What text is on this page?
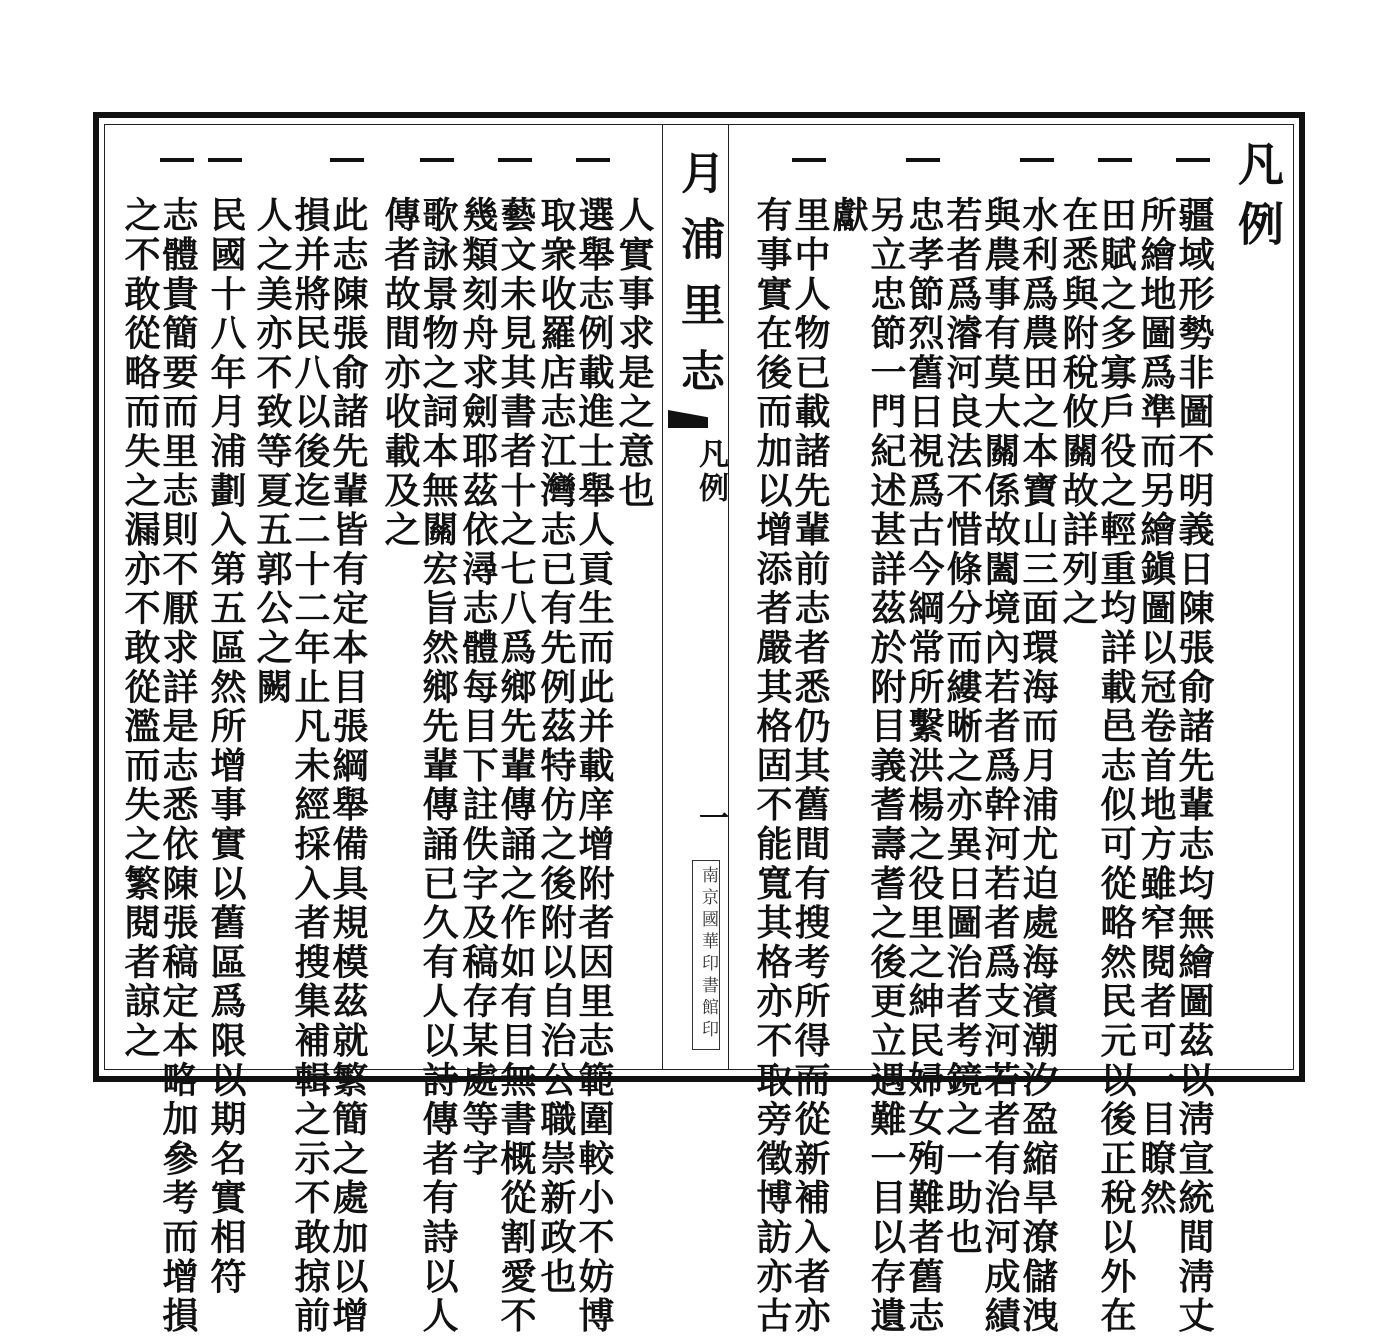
凡例
疆域形勢非圖不明義日陳張俞諸先輩志均無繪圖茲以淸宣統間淸丈
所繪地圖爲準而另繪鎭圖以冠卷首地方雖窄閱者可一目瞭然
田賦之多寡戶役之輕重均詳載邑志似可從略然民元以後正稅以外在
在悉與附稅攸關故詳列之
水利爲農田之本寶山三面環海而月浦尤迫處海濱潮汐盈縮旱潦儲洩
與農事有莫大關係故闔境內若者爲幹河若者爲支河若者有治河成績
若者爲濬河良法不惜條分而縷晰之亦異日圖治者考鏡之一助也
忠孝節烈舊日視爲古今綱常所繫洪楊之役里之紳民婦女殉難者舊志
另立忠節一門紀述甚詳茲於附目義耆壽耆之後更立遇難一目以存遺
獻
里中人物已載諸先輩前志者悉仍其舊間有搜考所得而從新補入者亦
有事實在後而加以增添者嚴其格固不能寬其格亦不取旁徵博訪亦古
月浦里志
凡例
一
南京國華印書館印
人實事求是之意也
選舉志例載進士舉人貢生而此并載庠增附者因里志範圍較小不妨博
取衆收羅店志江灣志已有先例茲特仿之後附以自治公職崇新政也
藝文未見其書者十之七八爲鄉先輩傳誦之作如有目無書概從割愛不
幾類刻舟求劍耶茲依潯志體每目下註佚字及稿存某處等字
歌詠景物之詞本無關宏旨然鄉先輩傳誦已久有人以詩傳者有詩以人
傳者故間亦收載及之
此志陳張俞諸先輩皆有定本目張綱舉備具規模茲就繁簡之處加以增
損并將民八以後迄二十二年止凡未經採入者搜集補輯之示不敢掠前
人之美亦不致等夏五郭公之闕
民國十八年月浦劃入第五區然所增事實以舊區爲限以期名實相符
志體貴簡要而里志則不厭求詳是志悉依陳張稿定本略加參考而增損
之不敢從略而失之漏亦不敢從濫而失之繁閱者諒之
